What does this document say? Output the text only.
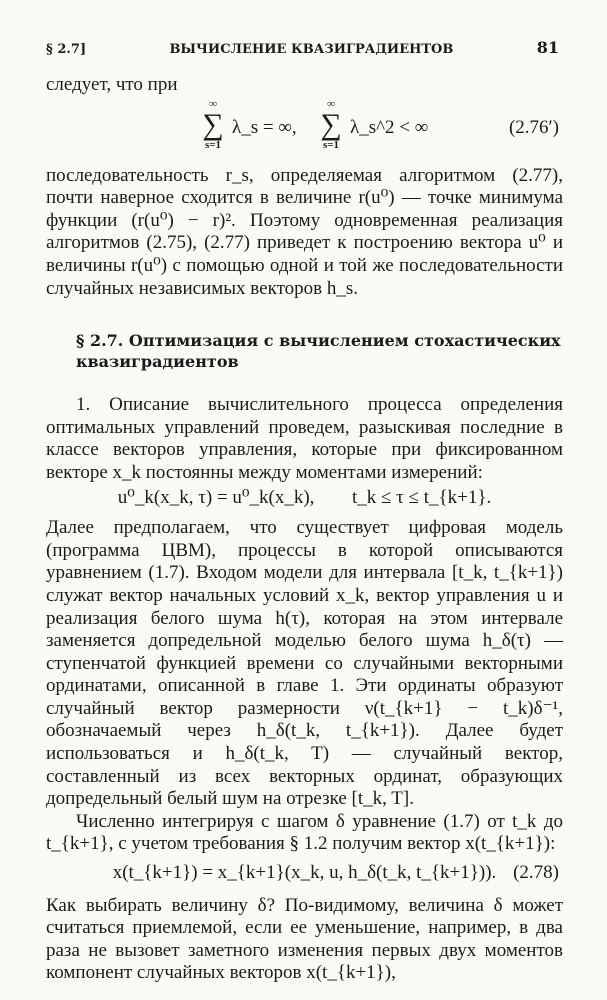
§ 2.7]	ВЫЧИСЛЕНИЕ КВАЗИГРАДИЕНТОВ	81

следует, что при

∞
∑
s=1
λ_s = ∞,
∞
∑
s=1
λ_s^2 < ∞	(2.76′)

последовательность r_s, определяемая алгоритмом (2.77), почти наверное сходится в величине r(u⁰) — точке минимума функции (r(u⁰) − r)². Поэтому одновременная реализация алгоритмов (2.75), (2.77) приведет к построению вектора u⁰ и величины r(u⁰) с помощью одной и той же последовательности случайных независимых векторов h_s.

§ 2.7. Оптимизация с вычислением стохастических квазиградиентов

1. Описание вычислительного процесса определения оптимальных управлений проведем, разыскивая последние в классе векторов управления, которые при фиксированном векторе x_k постоянны между моментами измерений:

u⁰_k(x_k, τ) = u⁰_k(x_k), t_k ≤ τ ≤ t_{k+1}.

Далее предполагаем, что существует цифровая модель (программа ЦВМ), процессы в которой описываются уравнением (1.7). Входом модели для интервала [t_k, t_{k+1}) служат вектор начальных условий x_k, вектор управления u и реализация белого шума h(τ), которая на этом интервале заменяется допредельной моделью белого шума h_δ(τ) — ступенчатой функцией времени со случайными векторными ординатами, описанной в главе 1. Эти ординаты образуют случайный вектор размерности ν(t_{k+1} − t_k)δ⁻¹, обозначаемый через h_δ(t_k, t_{k+1}). Далее будет использоваться и h_δ(t_k, T) — случайный вектор, составленный из всех векторных ординат, образующих допредельный белый шум на отрезке [t_k, T].

Численно интегрируя с шагом δ уравнение (1.7) от t_k до t_{k+1}, с учетом требования § 1.2 получим вектор x(t_{k+1}):

x(t_{k+1}) = x_{k+1}(x_k, u, h_δ(t_k, t_{k+1})). (2.78)

Как выбирать величину δ? По-видимому, величина δ может считаться приемлемой, если ее уменьшение, например, в два раза не вызовет заметного изменения первых двух моментов компонент случайных векторов x(t_{k+1}),
